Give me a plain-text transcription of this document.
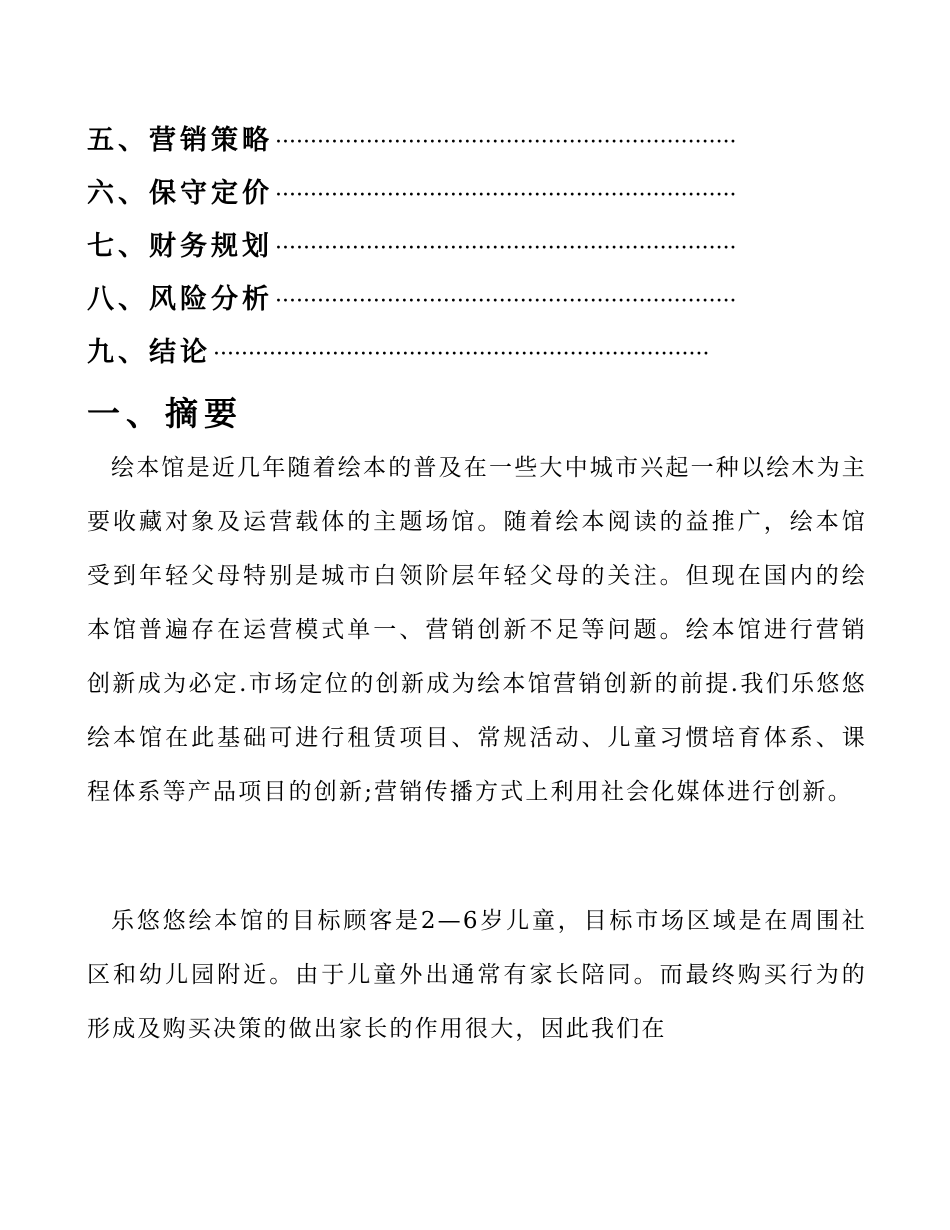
五、营销策略 ··································································
六、保守定价 ··································································
七、财务规划 ··································································
八、风险分析 ··································································
九、结论 ·······································································
一、摘要

绘本馆是近几年随着绘本的普及在一些大中城市兴起一种以绘木为主要收藏对象及运营载体的主题场馆。随着绘本阅读的益推广，绘本馆受到年轻父母特别是城市白领阶层年轻父母的关注。但现在国内的绘本馆普遍存在运营模式单一、营销创新不足等问题。绘本馆进行营销创新成为必定.市场定位的创新成为绘本馆营销创新的前提.我们乐悠悠绘本馆在此基础可进行租赁项目、常规活动、儿童习惯培育体系、课程体系等产品项目的创新;营销传播方式上利用社会化媒体进行创新。

乐悠悠绘本馆的目标顾客是2—6岁儿童，目标市场区域是在周围社区和幼儿园附近。由于儿童外出通常有家长陪同。而最终购买行为的形成及购买决策的做出家长的作用很大，因此我们在
